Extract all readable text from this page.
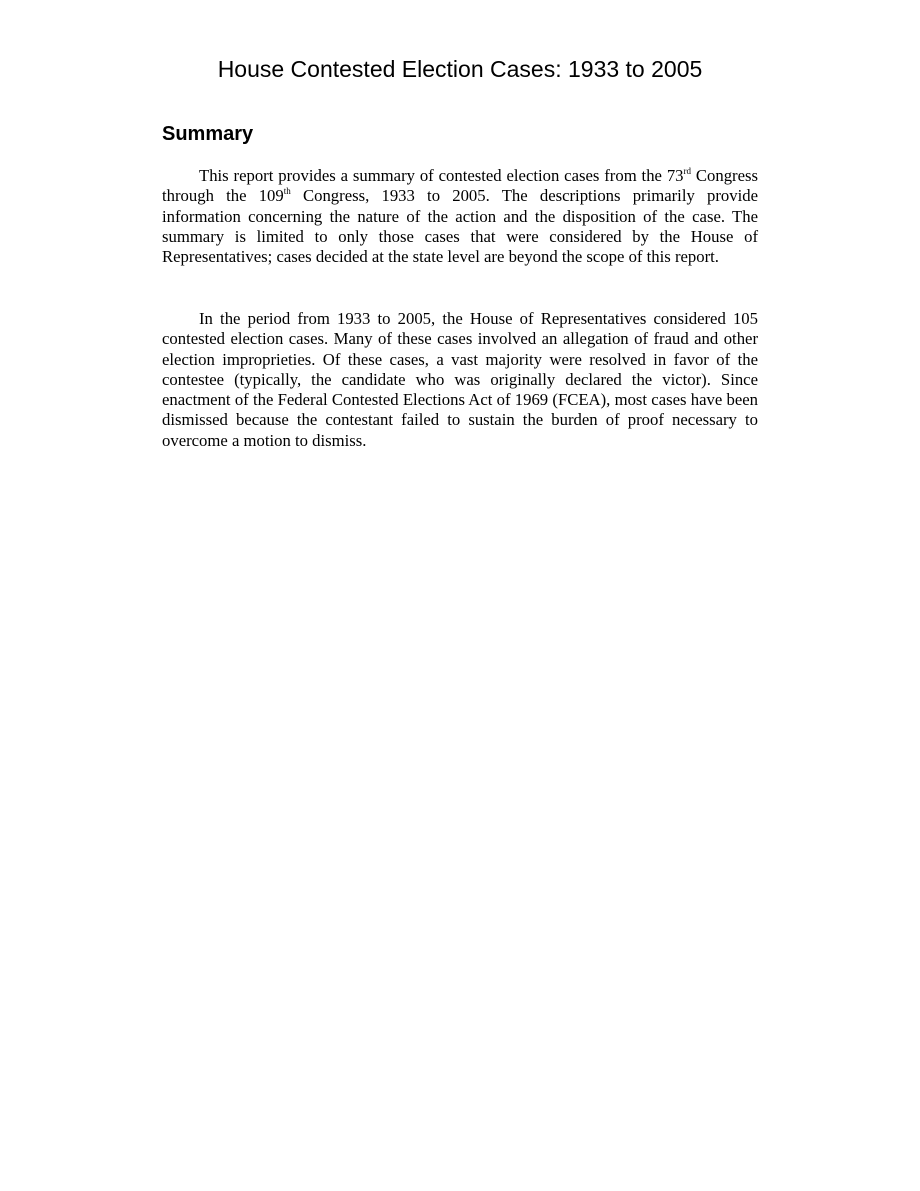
House Contested Election Cases: 1933 to 2005
Summary

This report provides a summary of contested election cases from the 73rd Congress through the 109th Congress, 1933 to 2005. The descriptions primarily provide information concerning the nature of the action and the disposition of the case. The summary is limited to only those cases that were considered by the House of Representatives; cases decided at the state level are beyond the scope of this report.

In the period from 1933 to 2005, the House of Representatives considered 105 contested election cases. Many of these cases involved an allegation of fraud and other election improprieties. Of these cases, a vast majority were resolved in favor of the contestee (typically, the candidate who was originally declared the victor). Since enactment of the Federal Contested Elections Act of 1969 (FCEA), most cases have been dismissed because the contestant failed to sustain the burden of proof necessary to overcome a motion to dismiss.
